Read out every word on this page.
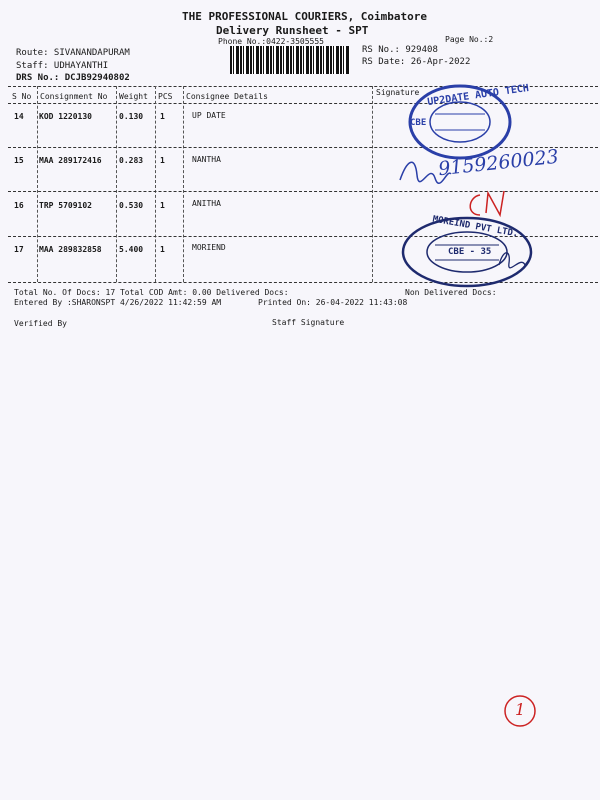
THE PROFESSIONAL COURIERS, Coimbatore
Delivery Runsheet - SPT
Phone No.:0422-3505555	Page No.:2
Route: SIVANANDAPURAM
Staff: UDHAYANTHI
DRS No.: DCJB92940802
RS No.: 929408
RS Date: 26-Apr-2022
S No Consignment No Weight PCS Consignee Details	Signature
14 KOD 1220130	0.130 1	UP DATE
15 MAA 289172416 0.283 1	NANTHA
16 TRP 5709102	0.530 1	ANITHA
17 MAA 289832858 5.400 1	MORIEND
Total No. Of Docs: 17 Total COD Amt: 0.00 Delivered Docs:	Non Delivered Docs:
Entered By :SHARONSPT 4/26/2022 11:42:59 AM	Printed On: 26-04-2022 11:43:08
Verified By	Staff Signature
UP2DATE AUTO TECH
CBE
9159260023
MOREIND PVT LTD.
CBE - 35
1
